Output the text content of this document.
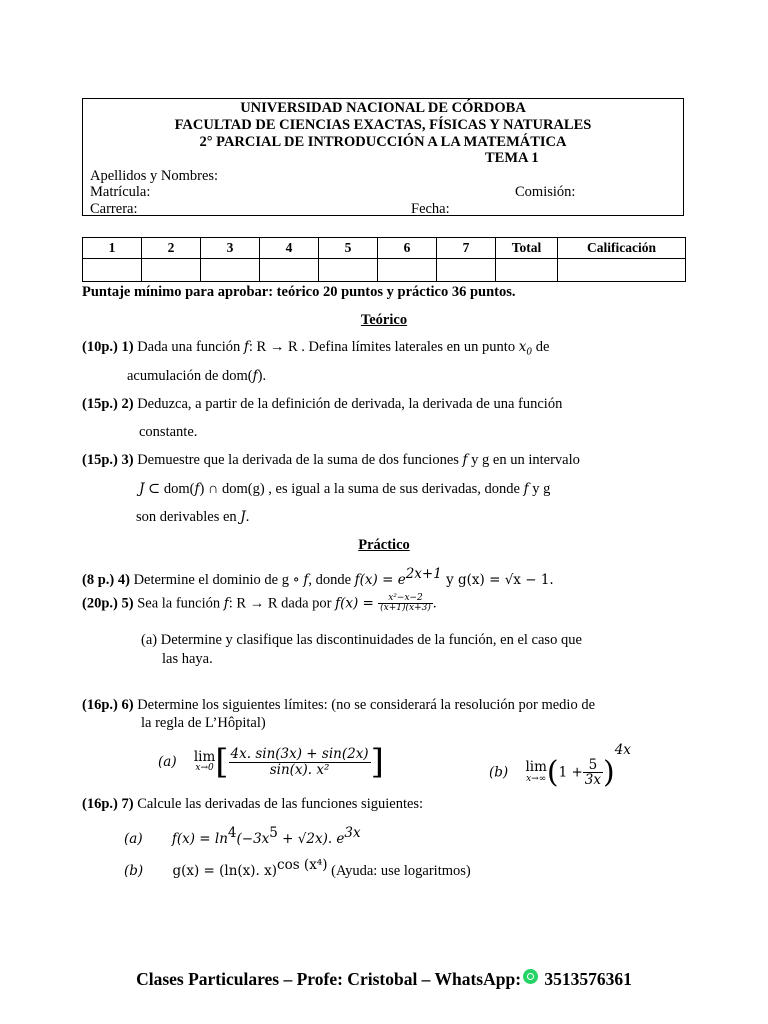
UNIVERSIDAD NACIONAL DE CÓRDOBA
FACULTAD DE CIENCIAS EXACTAS, FÍSICAS Y NATURALES
2° PARCIAL DE INTRODUCCIÓN A LA MATEMÁTICA
TEMA 1
Apellidos y Nombres:
Matrícula:	Comisión:
Carrera:	Fecha:
1	2	3	4	5	6	7	Total	Calificación

Puntaje mínimo para aprobar: teórico 20 puntos y práctico 36 puntos.
Teórico
(10p.) 1) Dada una función f: R → R . Defina límites laterales en un punto $x_0$ de
acumulación de dom(f).
(15p.) 2) Deduzca, a partir de la definición de derivada, la derivada de una función
constante.
(15p.) 3) Demuestre que la derivada de la suma de dos funciones f y g en un intervalo
J ⊂ dom(f) ∩ dom(g) , es igual a la suma de sus derivadas, donde f y g
son derivables en J.
Práctico
(8 p.) 4) Determine el dominio de g ∘ f, donde $f(x) = e^{2x+1}$ y g(x) = √x − 1.
(20p.) 5) Sea la función f: R → R dada por $f(x) = \frac{\text{x²−x−2}}{(x+1)(x+3)}$ .
(a) Determine y clasifique las discontinuidades de la función, en el caso que
las haya.
(16p.) 6) Determine los siguientes límites: (no se considerará la resolución por medio de
la regla de L’Hôpital)
(a) lim
x→0 [ $\frac{4x. \sin(3x) + \sin(2x)}{\text{sin(x). x²}}$ ]	(b) lim
x→∞ $(1 + \frac{5}{3x} )^{4x}$
(16p.) 7) Calcule las derivadas de las funciones siguientes:
(a) $f(x) = \ln^4(-3x^5 + √2x)$. $e^{3x}$
(b) g(x) = (ln(x). x)$^{cos (x^4)}$ (Ayuda: use logaritmos)
Clases Particulares – Profe: Cristobal – WhatsApp: 3513576361
